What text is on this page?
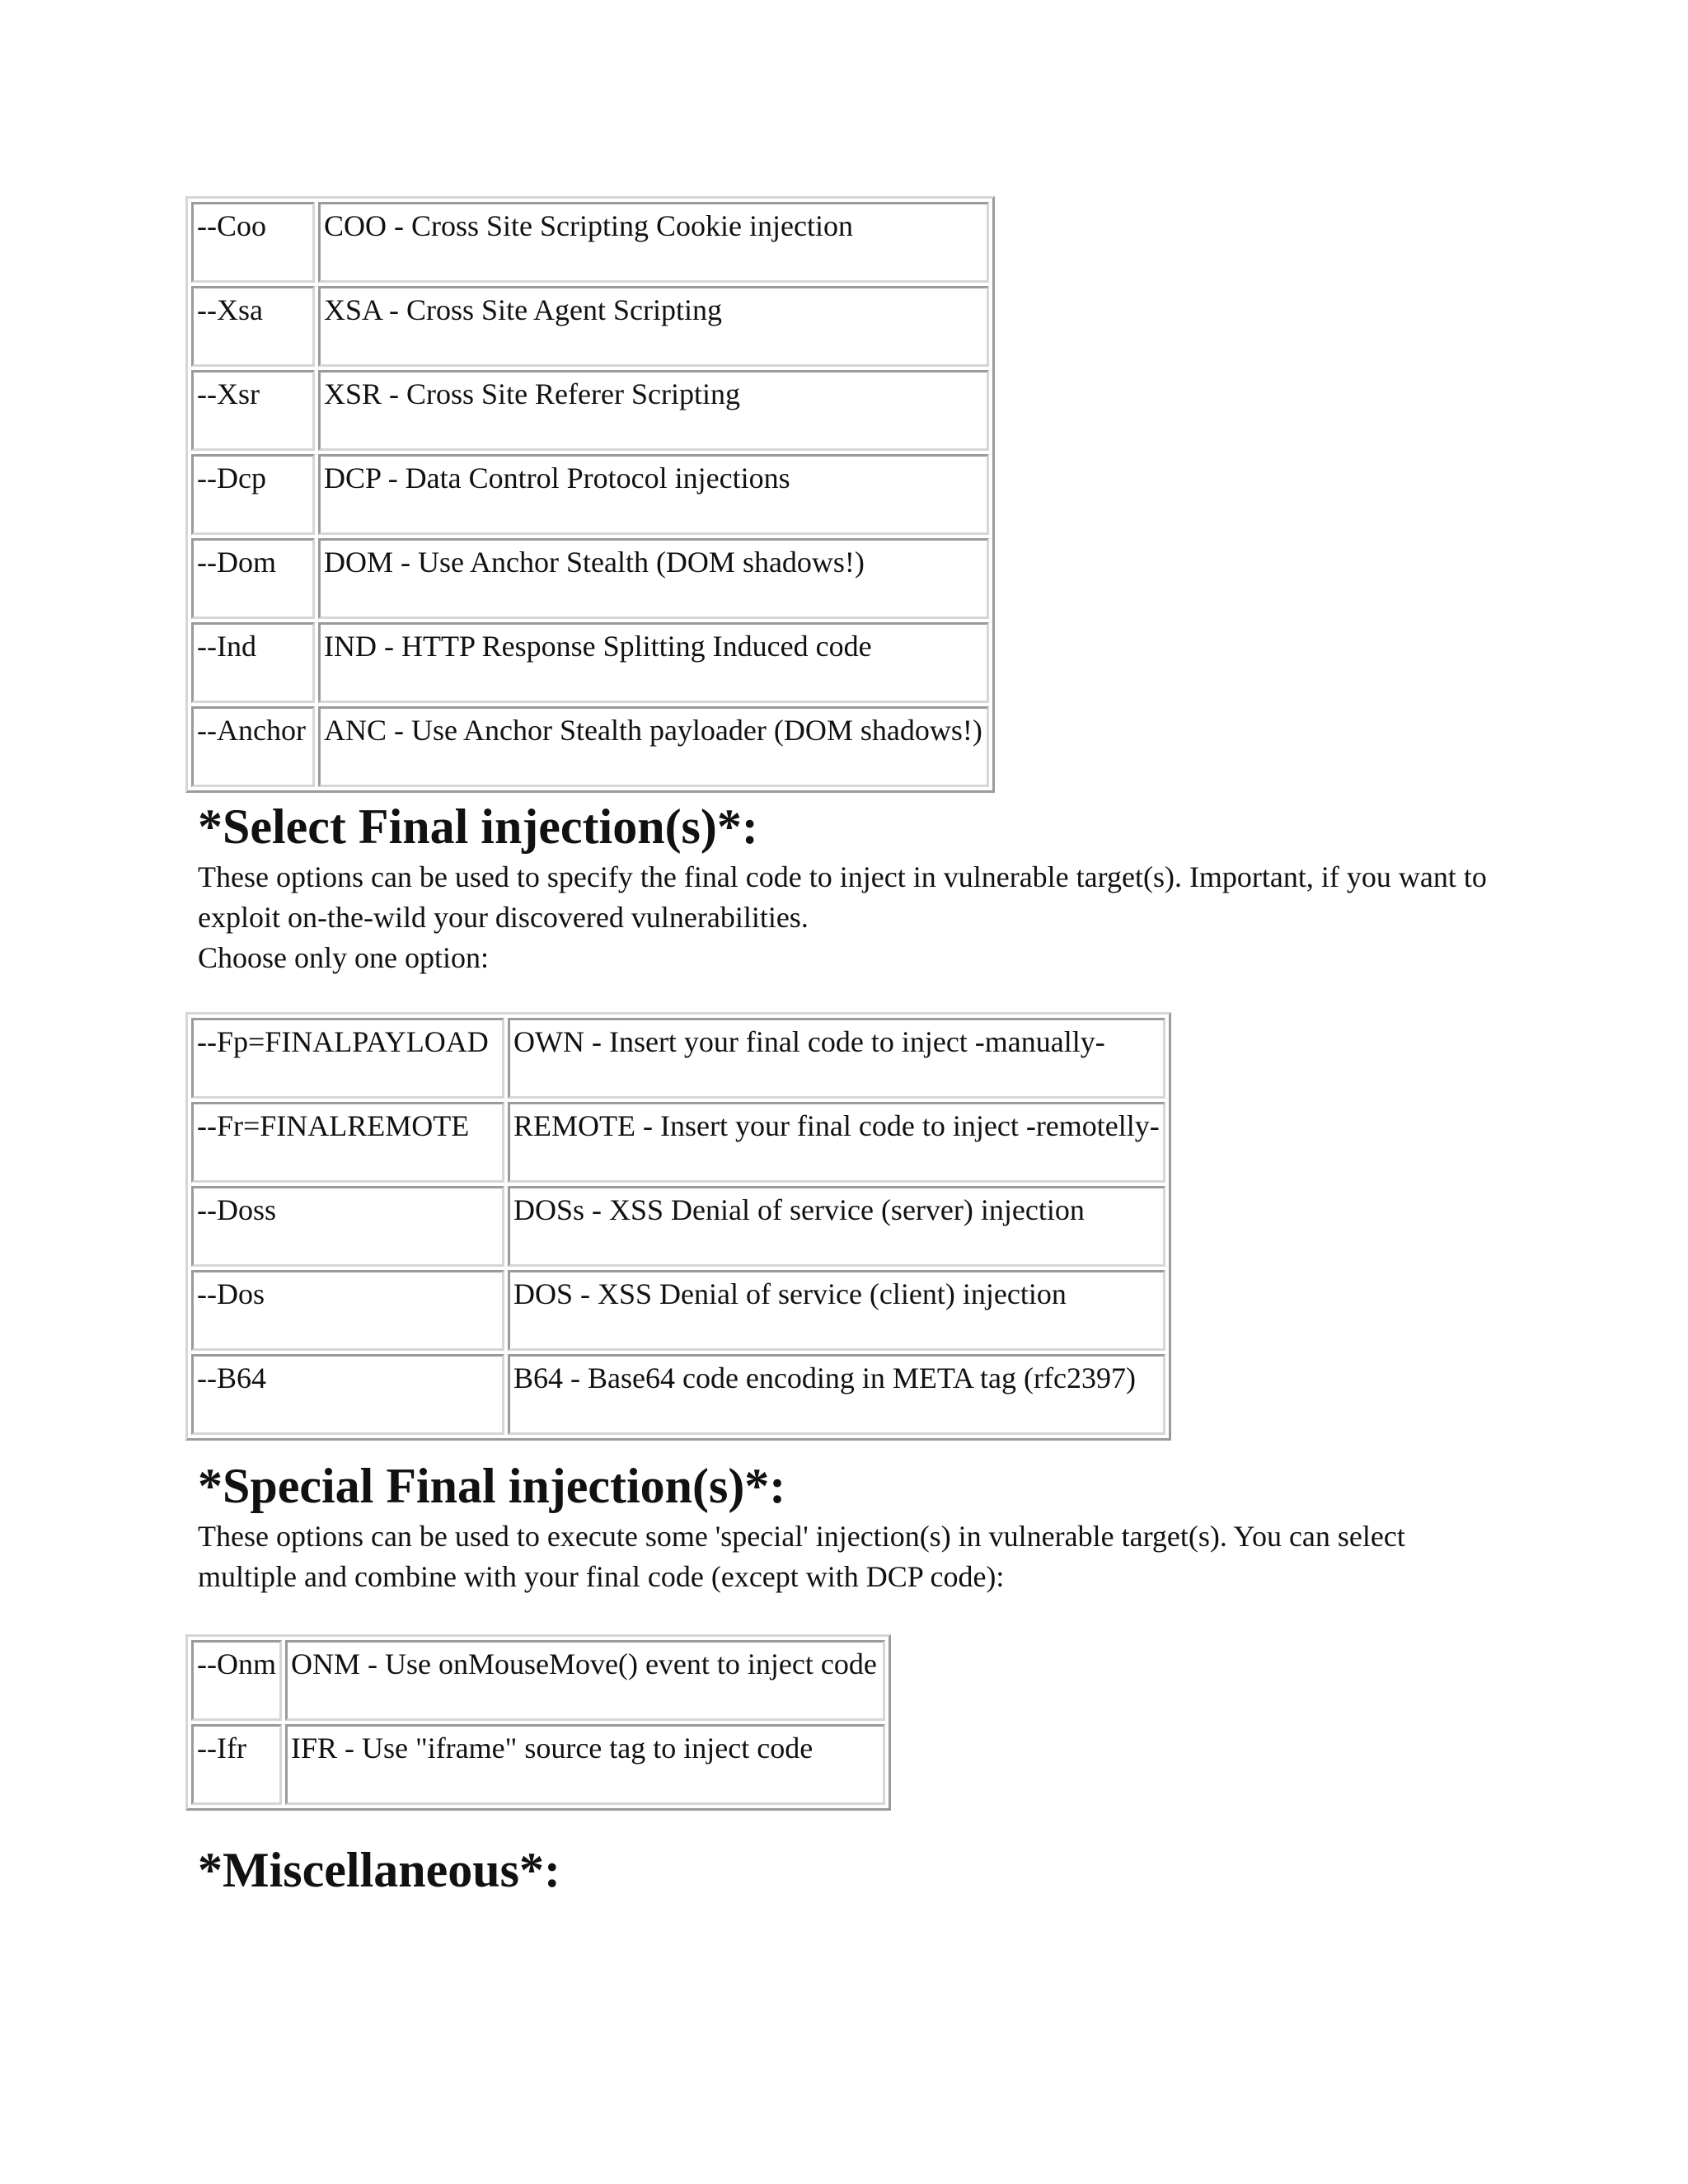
--Coo	COO - Cross Site Scripting Cookie injection
--Xsa	XSA - Cross Site Agent Scripting
--Xsr	XSR - Cross Site Referer Scripting
--Dcp	DCP - Data Control Protocol injections
--Dom	DOM - Use Anchor Stealth (DOM shadows!)
--Ind	IND - HTTP Response Splitting Induced code
--Anchor	ANC - Use Anchor Stealth payloader (DOM shadows!)
*Select Final injection(s)*:

These options can be used to specify the final code to inject in vulnerable target(s). Important, if you want to exploit on-the-wild your discovered vulnerabilities.

Choose only one option:

--Fp=FINALPAYLOAD	OWN - Insert your final code to inject -manually-
--Fr=FINALREMOTE	REMOTE - Insert your final code to inject -remotelly-
--Doss	DOSs - XSS Denial of service (server) injection
--Dos	DOS - XSS Denial of service (client) injection
--B64	B64 - Base64 code encoding in META tag (rfc2397)
*Special Final injection(s)*:

These options can be used to execute some 'special' injection(s) in vulnerable target(s). You can select multiple and combine with your final code (except with DCP code):

--Onm	ONM - Use onMouseMove() event to inject code
--Ifr	IFR - Use "iframe" source tag to inject code
*Miscellaneous*:
